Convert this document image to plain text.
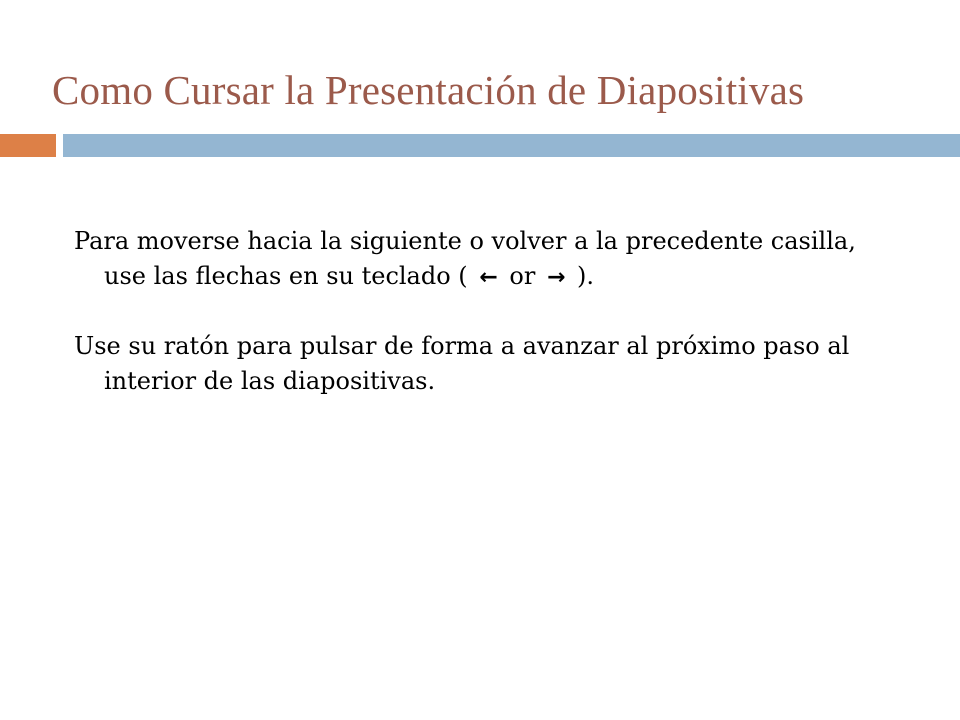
Como Cursar la Presentación de Diapositivas

Para moverse hacia la siguiente o volver a la precedente casilla, use las flechas en su teclado ( ← or → ).

Use su ratón para pulsar de forma a avanzar al próximo paso al interior de las diapositivas.
